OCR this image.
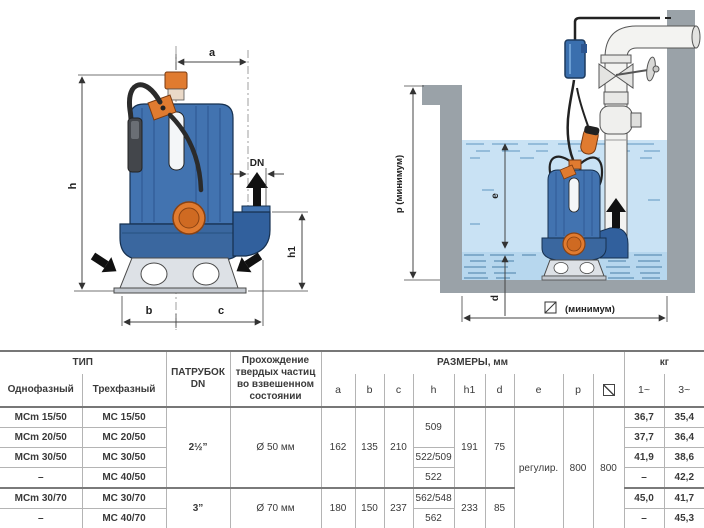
a
h
DN
h1
b	c
p (минимум)	e
d
(минимум)
ТИП		ПАТРУБОК
DN	Прохождение твердых частиц во взвешенном состоянии	РАЗМЕРЫ, мм									кг	
Однофазный	Трехфазный			a	b	c	h	h1	d	e	p		1~	3~
MCm 15/50	MC 15/50	2½”	Ø 50 мм	162	135	210	509	191	75	регулир.	800	800	36,7	35,4
MCm 20/50	MC 20/50												37,7	36,4
MCm 30/50	MC 30/50						522/509						41,9	38,6
–	MC 40/50						522						–	42,2
MCm 30/70	MC 30/70	3”	Ø 70 мм	180	150	237	562/548	233	85				45,0	41,7
–	MC 40/70						562						–	45,3
